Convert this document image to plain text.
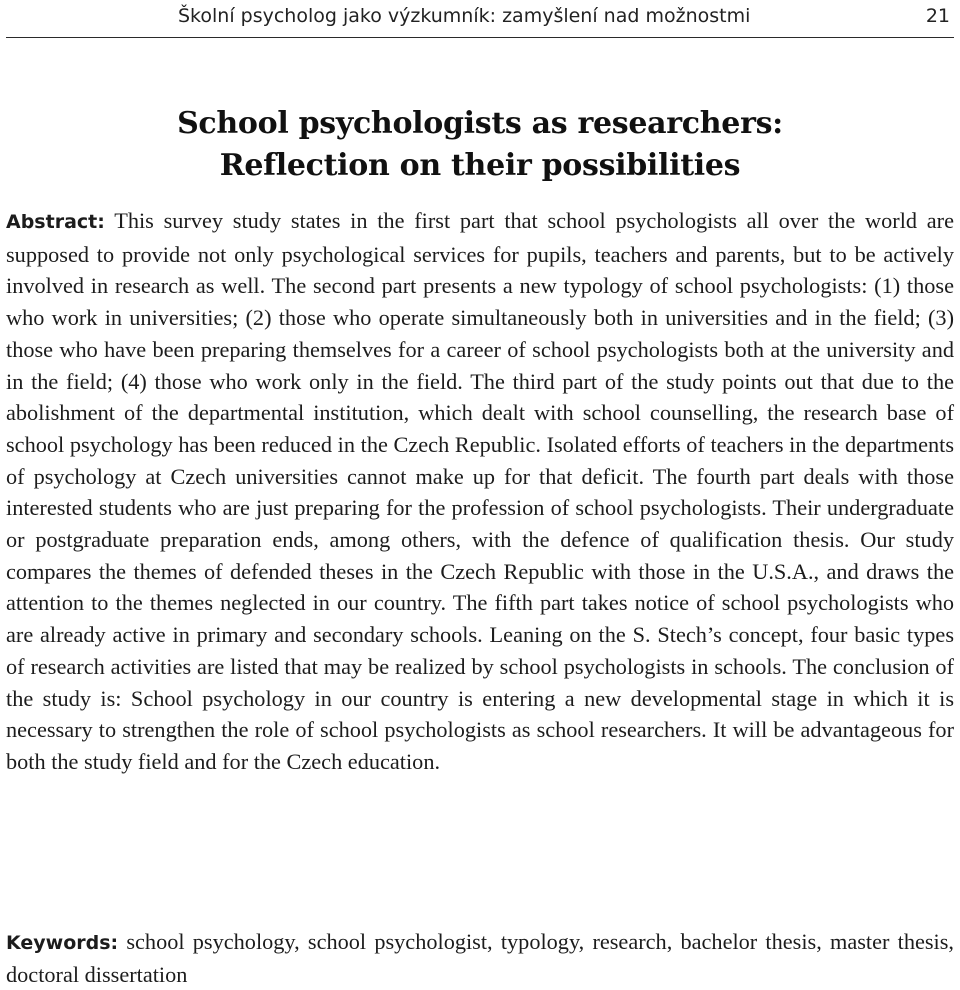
Školní psycholog jako výzkumník: zamyšlení nad možnostmi	21
School psychologists as researchers:
Reflection on their possibilities

Abstract: This survey study states in the first part that school psychologists all over the world are supposed to provide not only psychological services for pupils, teachers and parents, but to be actively involved in research as well. The second part presents a new typology of school psychologists: (1) those who work in universities; (2) those who operate simultaneously both in universities and in the field; (3) those who have been preparing themselves for a career of school psychologists both at the university and in the field; (4) those who work only in the field. The third part of the study points out that due to the abolishment of the departmental institution, which dealt with school counselling, the research base of school psychology has been reduced in the Czech Republic. Isolated efforts of teachers in the departments of psychology at Czech universities cannot make up for that deficit. The fourth part deals with those interested students who are just preparing for the profession of school psychologists. Their undergraduate or postgraduate preparation ends, among others, with the defence of qualification thesis. Our study compares the themes of defended theses in the Czech Republic with those in the U.S.A., and draws the attention to the themes neglected in our country. The fifth part takes notice of school psychologists who are already active in primary and secondary schools. Leaning on the S. Stech’s concept, four basic types of research activities are listed that may be realized by school psychologists in schools. The conclusion of the study is: School psychology in our country is entering a new developmental stage in which it is necessary to strengthen the role of school psychologists as school researchers. It will be advantageous for both the study field and for the Czech education.

Keywords: school psychology, school psychologist, typology, research, bachelor thesis, master thesis, doctoral dissertation
